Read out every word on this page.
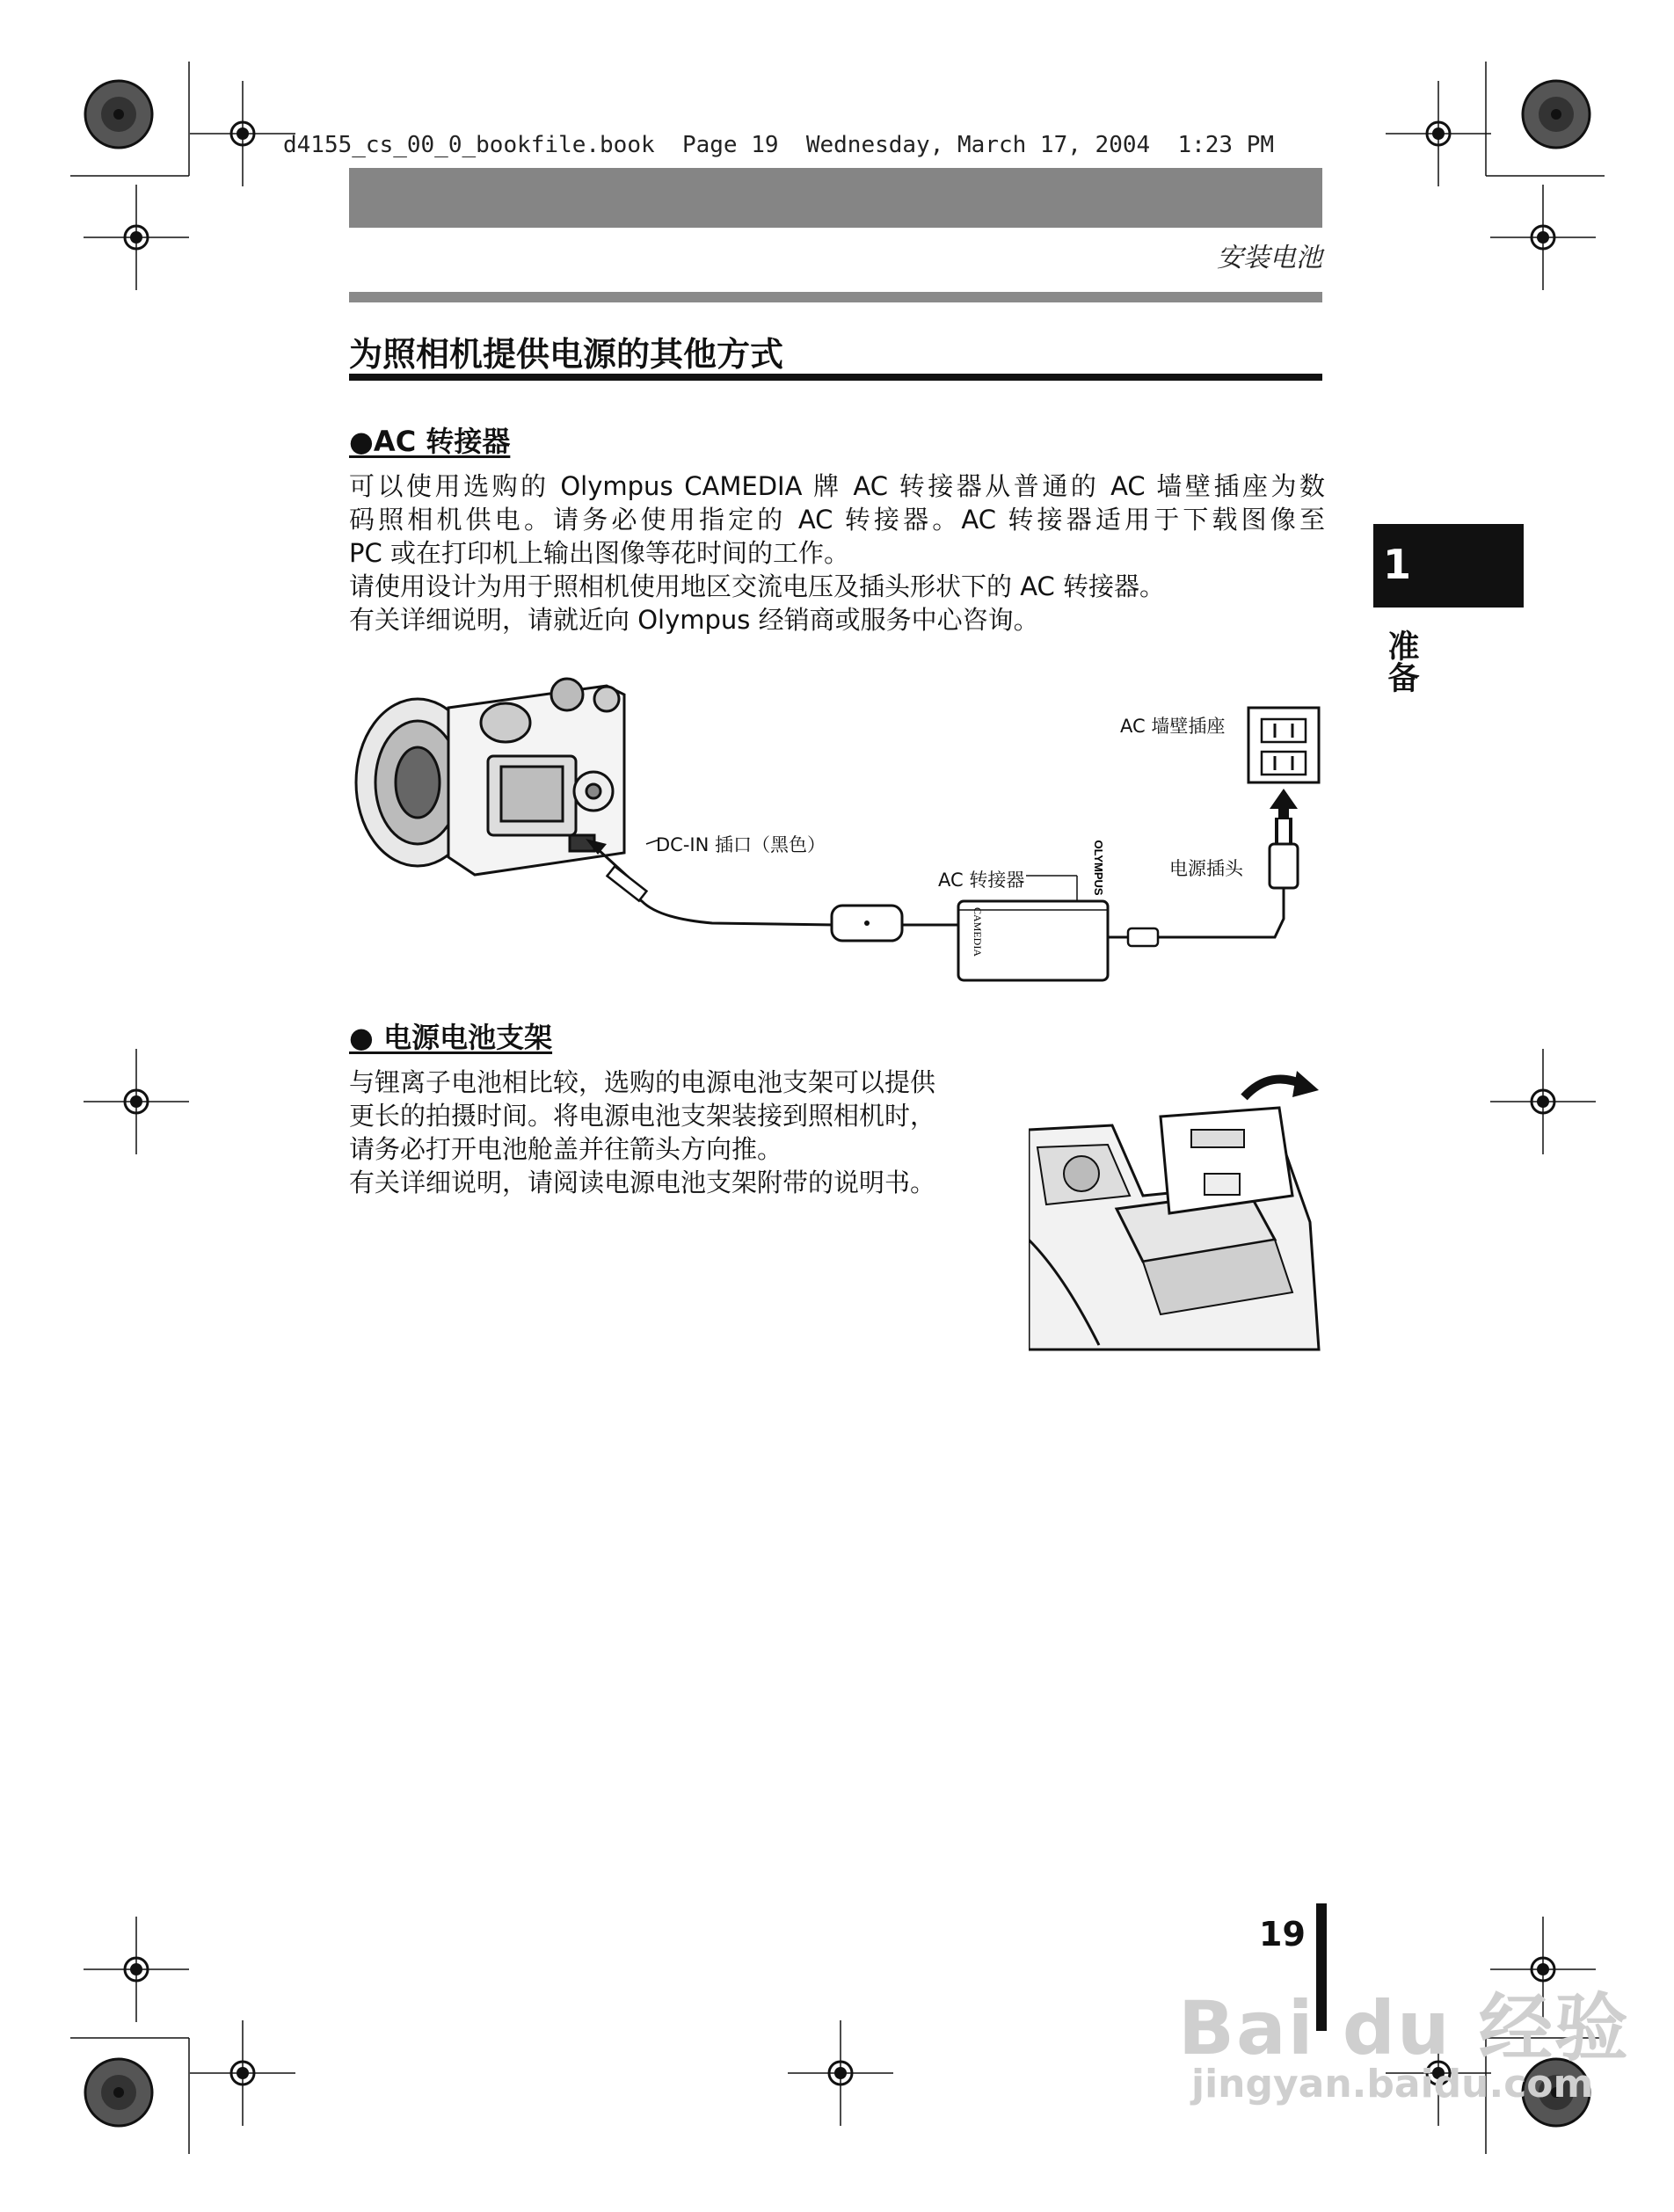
d4155_cs_00_0_bookfile.book  Page 19  Wednesday, March 17, 2004  1:23 PM
安装电池
为照相机提供电源的其他方式
1
准备
●AC 转接器
可以使用选购的 Olympus CAMEDIA 牌 AC 转接器从普通的 AC 墙壁插座为数
码照相机供电。请务必使用指定的 AC 转接器。AC 转接器适用于下载图像至
PC 或在打印机上输出图像等花时间的工作。
请使用设计为用于照相机使用地区交流电压及插头形状下的 AC 转接器。
有关详细说明，请就近向 Olympus 经销商或服务中心咨询。
OLYMPUS
CAMEDIA
AC 墙壁插座
DC-IN 插口（黑色）
AC 转接器
电源插头
● 电源电池支架
与锂离子电池相比较，选购的电源电池支架可以提供
更长的拍摄时间。将电源电池支架装接到照相机时，
请务必打开电池舱盖并往箭头方向推。
有关详细说明，请阅读电源电池支架附带的说明书。
19
Bai du 经验
jingyan.baidu.com
